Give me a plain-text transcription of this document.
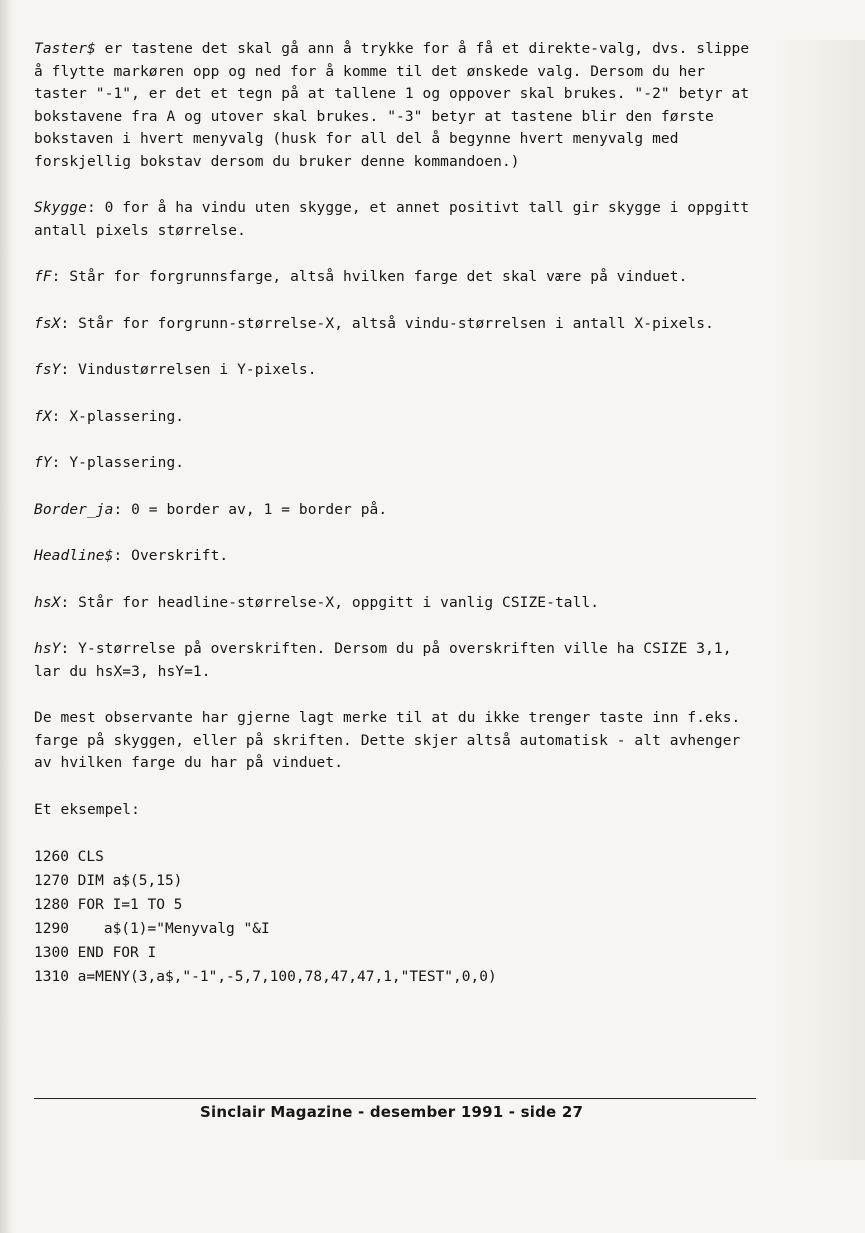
Taster$ er tastene det skal gå ann å trykke for å få et direkte-valg, dvs. slippe å flytte markøren opp og ned for å komme til det ønskede valg. Dersom du her taster "-1", er det et tegn på at tallene 1 og oppover skal brukes. "-2" betyr at bokstavene fra A og utover skal brukes. "-3" betyr at tastene blir den første bokstaven i hvert menyvalg (husk for all del å begynne hvert menyvalg med forskjellig bokstav dersom du bruker denne kommandoen.)

Skygge: 0 for å ha vindu uten skygge, et annet positivt tall gir skygge i oppgitt antall pixels størrelse.

fF: Står for forgrunnsfarge, altså hvilken farge det skal være på vinduet.

fsX: Står for forgrunn-størrelse-X, altså vindu-størrelsen i antall X-pixels.

fsY: Vindustørrelsen i Y-pixels.

fX: X-plassering.

fY: Y-plassering.

Border_ja: 0 = border av, 1 = border på.

Headline$: Overskrift.

hsX: Står for headline-størrelse-X, oppgitt i vanlig CSIZE-tall.

hsY: Y-størrelse på overskriften. Dersom du på overskriften ville ha CSIZE 3,1, lar du hsX=3, hsY=1.

De mest observante har gjerne lagt merke til at du ikke trenger taste inn f.eks. farge på skyggen, eller på skriften. Dette skjer altså automatisk - alt avhenger av hvilken farge du har på vinduet.

Et eksempel:

1260 CLS

1270 DIM a$(5,15)

1280 FOR I=1 TO 5

1290    a$(1)="Menyvalg "&I

1300 END FOR I

1310 a=MENY(3,a$,"-1",-5,7,100,78,47,47,1,"TEST",0,0)

Sinclair Magazine - desember 1991 - side 27
